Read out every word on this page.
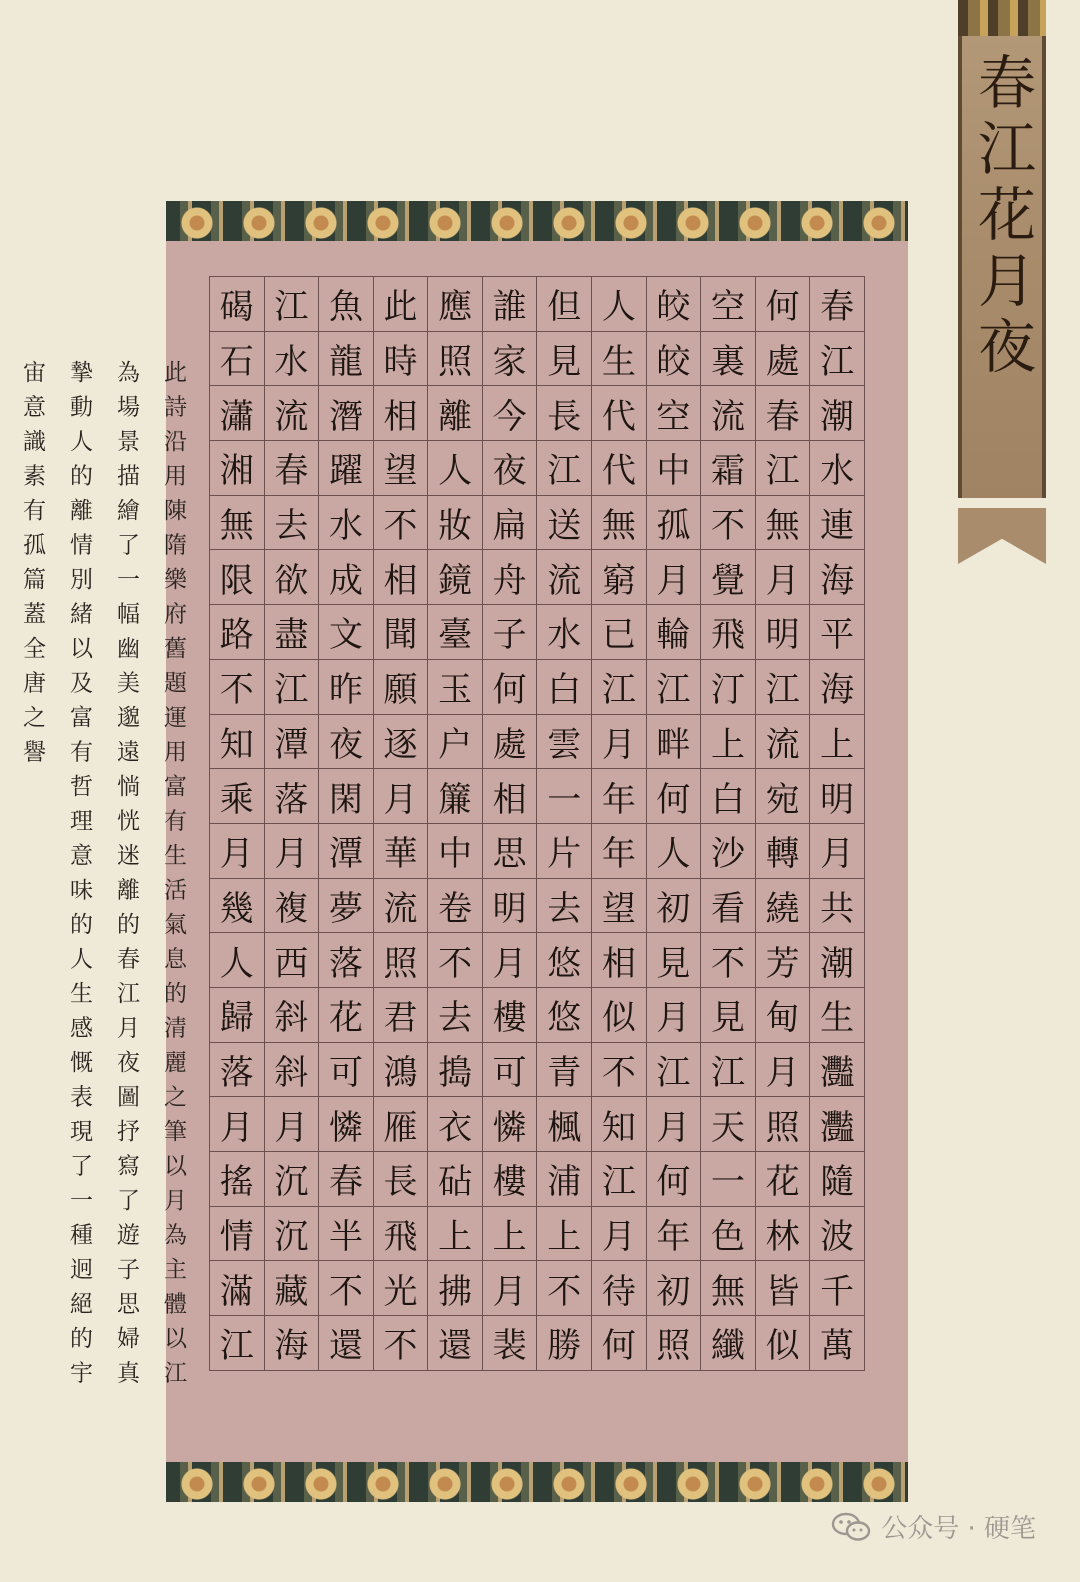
春江花月夜
碣 江 魚 此 應 誰 但 人 皎 空 何 春
石 水 龍 時 照 家 見 生 皎 裏 處 江
瀟 流 潛 相 離 今 長 代 空 流 春 潮
湘 春 躍 望 人 夜 江 代 中 霜 江 水
無 去 水 不 妝 扁 送 無 孤 不 無 連
限 欲 成 相 鏡 舟 流 窮 月 覺 月 海
路 盡 文 聞 臺 子 水 已 輪 飛 明 平
不 江 昨 願 玉 何 白 江 江 汀 江 海
知 潭 夜 逐 户 處 雲 月 畔 上 流 上
乘 落 閑 月 簾 相 一 年 何 白 宛 明
月 月 潭 華 中 思 片 年 人 沙 轉 月
幾 複 夢 流 卷 明 去 望 初 看 繞 共
人 西 落 照 不 月 悠 相 見 不 芳 潮
歸 斜 花 君 去 樓 悠 似 月 見 甸 生
落 斜 可 鴻 搗 可 青 不 江 江 月 灩
月 月 憐 雁 衣 憐 楓 知 月 天 照 灩
搖 沉 春 長 砧 樓 浦 江 何 一 花 隨
情 沉 半 飛 上 上 上 月 年 色 林 波
滿 藏 不 光 拂 月 不 待 初 無 皆 千
江 海 還 不 還 裴 勝 何 照 纖 似 萬
此詩沿用陳隋樂府舊題運用富有生活氣息的清麗之筆以月為主體以江
為場景描繪了一幅幽美邈遠惝恍迷離的春江月夜圖抒寫了遊子思婦真
摯動人的離情別緒以及富有哲理意味的人生感慨表現了一種迥絕的宇
宙意識素有孤篇蓋全唐之譽
公众号 · 硬笔
